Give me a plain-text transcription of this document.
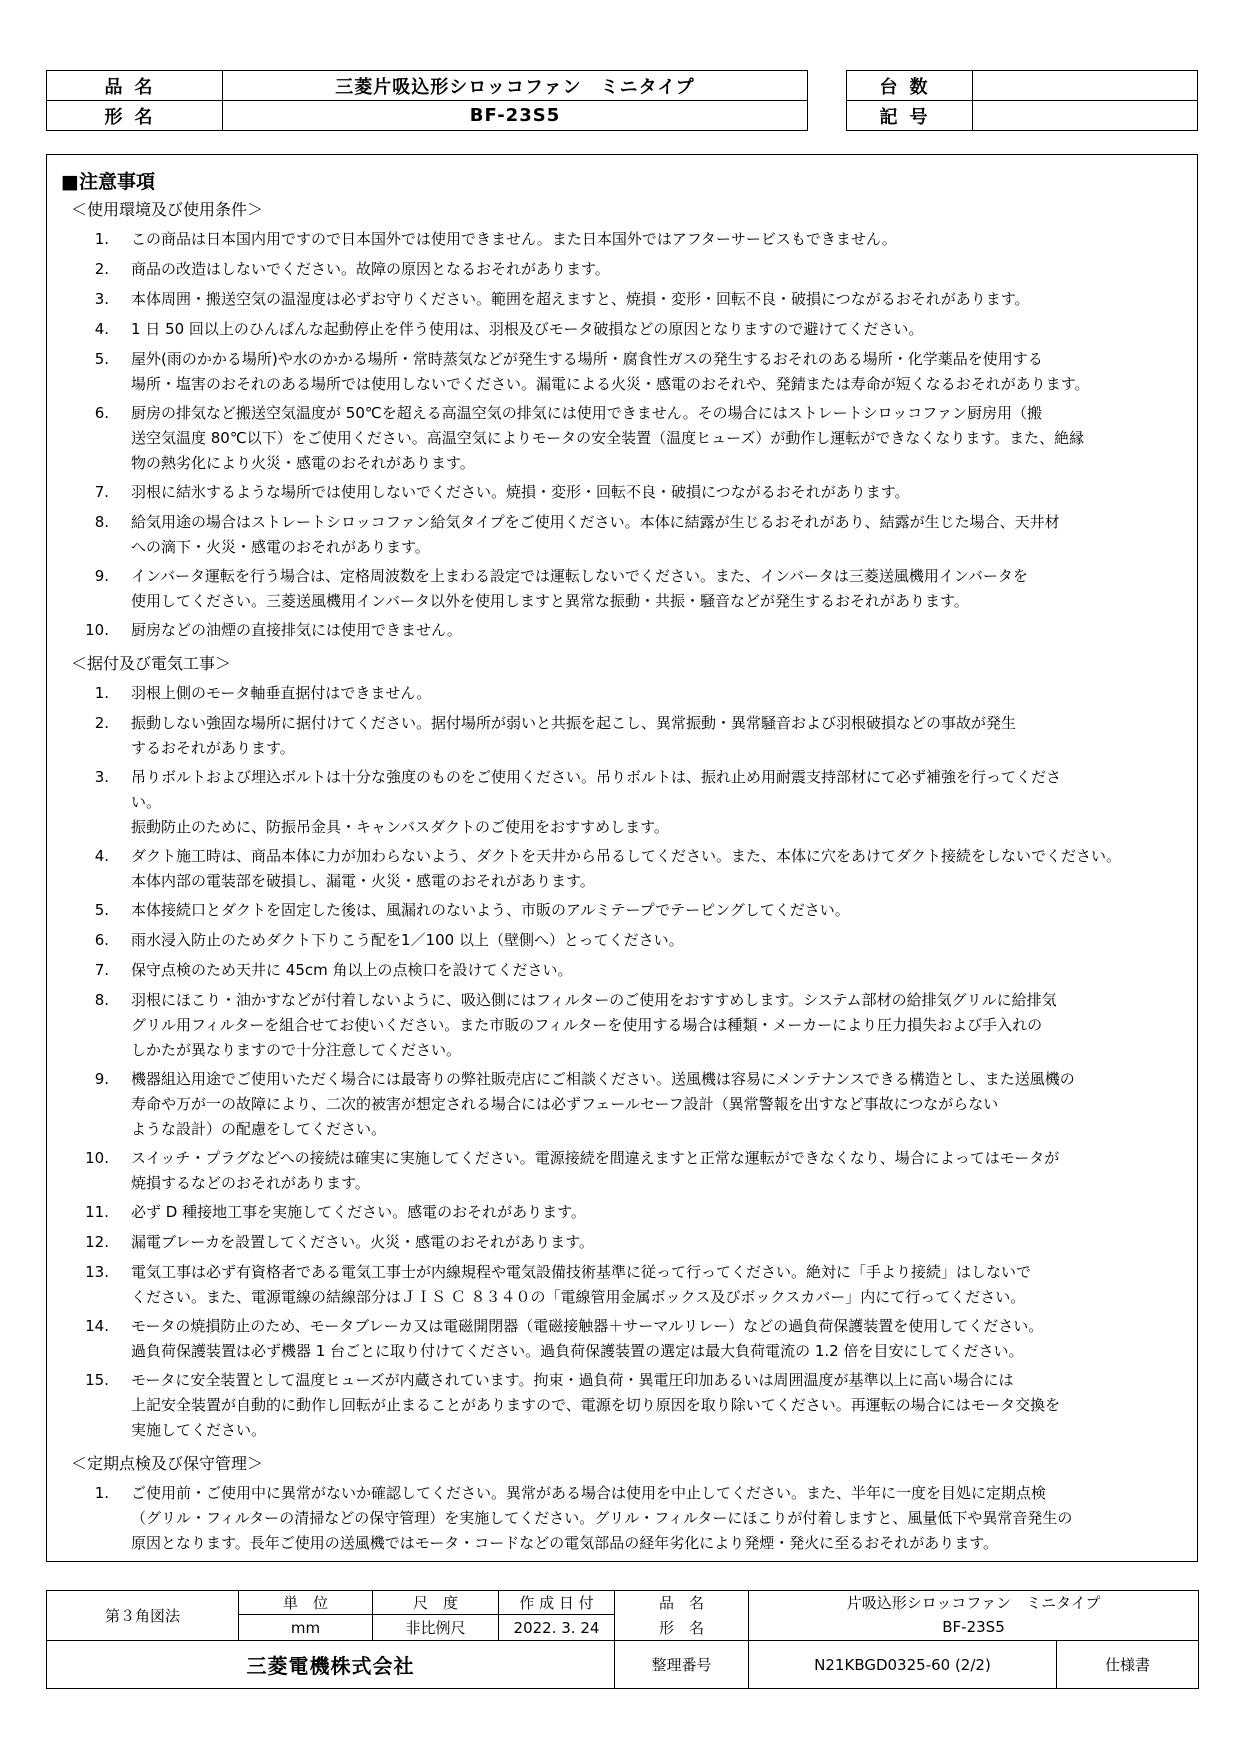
品名	三菱片吸込形シロッコファン　ミニタイプ
形名	BF-23S5
台数	
記号	
■注意事項
＜使用環境及び使用条件＞
1. この商品は日本国内用ですので日本国外では使用できません。また日本国外ではアフターサービスもできません。
2. 商品の改造はしないでください。故障の原因となるおそれがあります。
3. 本体周囲・搬送空気の温湿度は必ずお守りください。範囲を超えますと、焼損・変形・回転不良・破損につながるおそれがあります。
4. 1 日 50 回以上のひんぱんな起動停止を伴う使用は、羽根及びモータ破損などの原因となりますので避けてください。
5. 屋外(雨のかかる場所)や水のかかる場所・常時蒸気などが発生する場所・腐食性ガスの発生するおそれのある場所・化学薬品を使用する
場所・塩害のおそれのある場所では使用しないでください。漏電による火災・感電のおそれや、発錆または寿命が短くなるおそれがあります。
6. 厨房の排気など搬送空気温度が 50℃を超える高温空気の排気には使用できません。その場合にはストレートシロッコファン厨房用（搬
送空気温度 80℃以下）をご使用ください。高温空気によりモータの安全装置（温度ヒューズ）が動作し運転ができなくなります。また、絶縁
物の熱劣化により火災・感電のおそれがあります。
7. 羽根に結氷するような場所では使用しないでください。焼損・変形・回転不良・破損につながるおそれがあります。
8. 給気用途の場合はストレートシロッコファン給気タイプをご使用ください。本体に結露が生じるおそれがあり、結露が生じた場合、天井材
への滴下・火災・感電のおそれがあります。
9. インバータ運転を行う場合は、定格周波数を上まわる設定では運転しないでください。また、インバータは三菱送風機用インバータを
使用してください。三菱送風機用インバータ以外を使用しますと異常な振動・共振・騒音などが発生するおそれがあります。
10. 厨房などの油煙の直接排気には使用できません。
＜据付及び電気工事＞
1. 羽根上側のモータ軸垂直据付はできません。
2. 振動しない強固な場所に据付けてください。据付場所が弱いと共振を起こし、異常振動・異常騒音および羽根破損などの事故が発生
するおそれがあります。
3. 吊りボルトおよび埋込ボルトは十分な強度のものをご使用ください。吊りボルトは、振れ止め用耐震支持部材にて必ず補強を行ってくださ
い。
振動防止のために、防振吊金具・キャンバスダクトのご使用をおすすめします。
4. ダクト施工時は、商品本体に力が加わらないよう、ダクトを天井から吊るしてください。また、本体に穴をあけてダクト接続をしないでください。
本体内部の電装部を破損し、漏電・火災・感電のおそれがあります。
5. 本体接続口とダクトを固定した後は、風漏れのないよう、市販のアルミテープでテーピングしてください。
6. 雨水浸入防止のためダクト下りこう配を1／100 以上（壁側へ）とってください。
7. 保守点検のため天井に 45cm 角以上の点検口を設けてください。
8. 羽根にほこり・油かすなどが付着しないように、吸込側にはフィルターのご使用をおすすめします。システム部材の給排気グリルに給排気
グリル用フィルターを組合せてお使いください。また市販のフィルターを使用する場合は種類・メーカーにより圧力損失および手入れの
しかたが異なりますので十分注意してください。
9. 機器組込用途でご使用いただく場合には最寄りの弊社販売店にご相談ください。送風機は容易にメンテナンスできる構造とし、また送風機の
寿命や万が一の故障により、二次的被害が想定される場合には必ずフェールセーフ設計（異常警報を出すなど事故につながらない
ような設計）の配慮をしてください。
10. スイッチ・プラグなどへの接続は確実に実施してください。電源接続を間違えますと正常な運転ができなくなり、場合によってはモータが
焼損するなどのおそれがあります。
11. 必ず D 種接地工事を実施してください。感電のおそれがあります。
12. 漏電ブレーカを設置してください。火災・感電のおそれがあります。
13. 電気工事は必ず有資格者である電気工事士が内線規程や電気設備技術基準に従って行ってください。絶対に「手より接続」はしないで
ください。また、電源電線の結線部分はＪＩＳ Ｃ ８３４０の「電線管用金属ボックス及びボックスカバー」内にて行ってください。
14. モータの焼損防止のため、モータブレーカ又は電磁開閉器（電磁接触器＋サーマルリレー）などの過負荷保護装置を使用してください。
過負荷保護装置は必ず機器 1 台ごとに取り付けてください。過負荷保護装置の選定は最大負荷電流の 1.2 倍を目安にしてください。
15. モータに安全装置として温度ヒューズが内蔵されています。拘束・過負荷・異電圧印加あるいは周囲温度が基準以上に高い場合には
上記安全装置が自動的に動作し回転が止まることがありますので、電源を切り原因を取り除いてください。再運転の場合にはモータ交換を
実施してください。
＜定期点検及び保守管理＞
1. ご使用前・ご使用中に異常がないか確認してください。異常がある場合は使用を中止してください。また、半年に一度を目処に定期点検
（グリル・フィルターの清掃などの保守管理）を実施してください。グリル・フィルターにほこりが付着しますと、風量低下や異常音発生の
原因となります。長年ご使用の送風機ではモータ・コードなどの電気部品の経年劣化により発煙・発火に至るおそれがあります。
第３角図法	単　位	尺　度	作 成 日 付	品　名	片吸込形シロッコファン　ミニタイプ	
	mm	非比例尺	2022. 3. 24	形　名	BF-23S5	
三菱電機株式会社				整理番号	N21KBGD0325-60 (2/2)	仕様書
